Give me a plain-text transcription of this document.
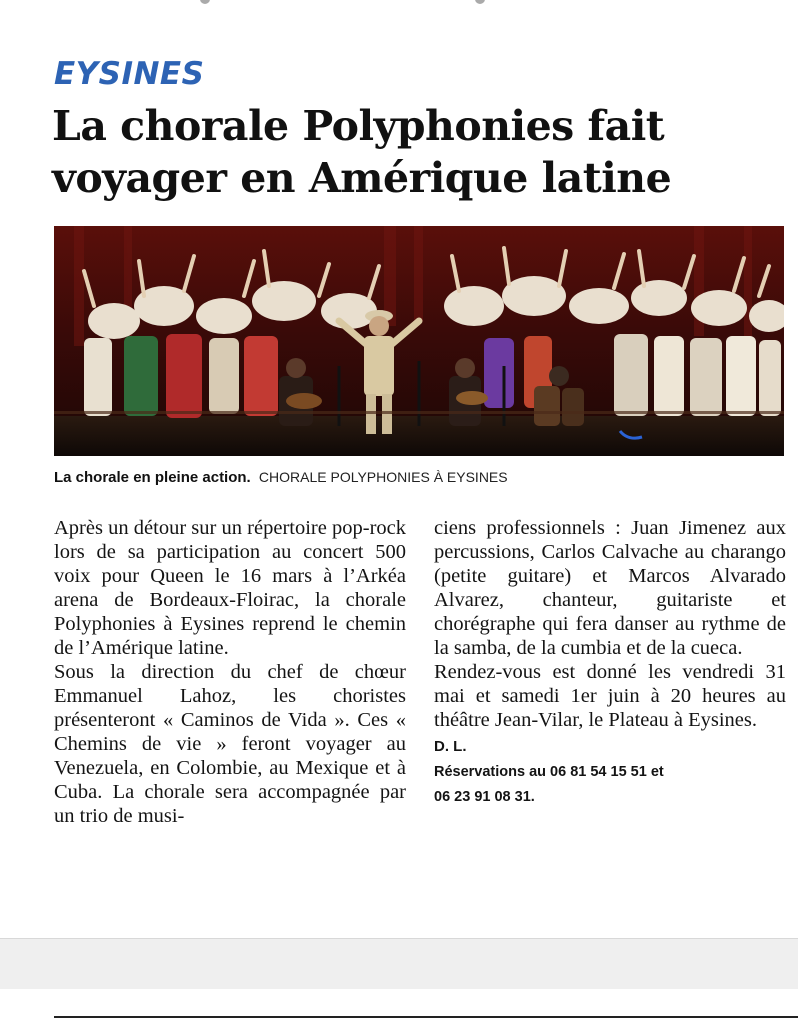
EYSINES
La chorale Polyphonies fait
voyager en Amérique latine
La chorale en pleine action. CHORALE POLYPHONIES À EYSINES

Après un détour sur un répertoire pop-rock lors de sa participation au concert 500 voix pour Queen le 16 mars à l’Arkéa arena de Bordeaux-Floirac, la chorale Polyphonies à Eysines reprend le chemin de l’Amérique latine.

Sous la direction du chef de chœur Emmanuel Lahoz, les choristes présenteront « Caminos de Vida ». Ces « Chemins de vie » feront voyager au Venezuela, en Colombie, au Mexique et à Cuba. La chorale sera accompagnée par un trio de musi-

ciens professionnels : Juan Jimenez aux percussions, Carlos Calvache au charango (petite guitare) et Marcos Alvarado Alvarez, chanteur, guitariste et chorégraphe qui fera danser au rythme de la samba, de la cumbia et de la cueca.

Rendez-vous est donné les vendredi 31 mai et samedi 1er juin à 20 heures au théâtre Jean-Vilar, le Plateau à Eysines.

D. L.
Réservations au 06 81 54 15 51 et
06 23 91 08 31.
